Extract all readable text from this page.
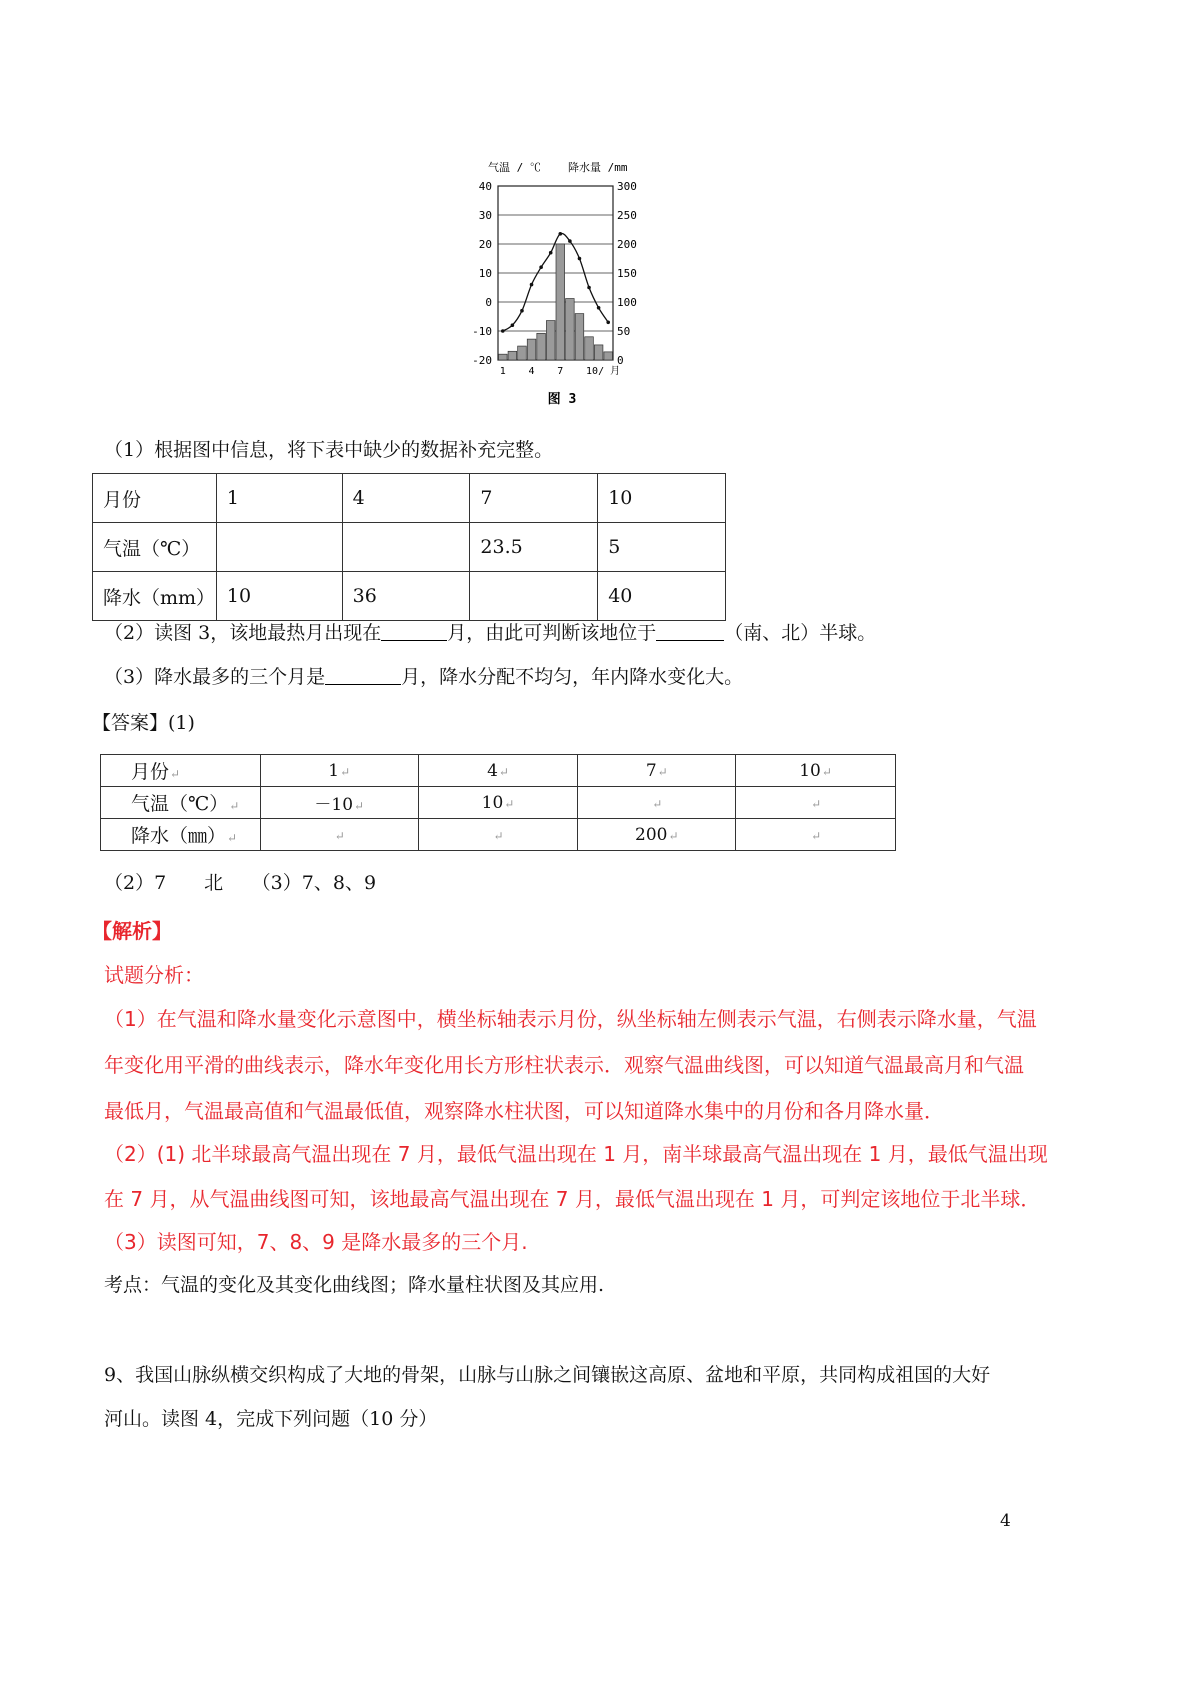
气温 / ℃ 降水量 /mm
40
30
20
10
0
-10
-20
300
250
200
150
100
50
0
1 4 7 10/ 月
图 3
（1）根据图中信息，将下表中缺少的数据补充完整。
月份	1	4	7	10
气温（℃）			23.5	5
降水（mm）	10	36		40
（2）读图 3，该地最热月出现在	月，由此可判断该地位于	（南、北）半球。
（3）降水最多的三个月是	月，降水分配不均匀，年内降水变化大。
【答案】(1)
月份↵	1↵	4↵	7↵	10↵
气温（℃）↵	－10↵	10↵	↵	↵
降水（㎜）↵	↵	↵	200↵	↵
（2）7　　北　　（3）7、8、9
【解析】
试题分析：
（1）在气温和降水量变化示意图中，横坐标轴表示月份，纵坐标轴左侧表示气温，右侧表示降水量，气温
年变化用平滑的曲线表示，降水年变化用长方形柱状表示．观察气温曲线图，可以知道气温最高月和气温
最低月，气温最高值和气温最低值，观察降水柱状图，可以知道降水集中的月份和各月降水量．
（2）(1) 北半球最高气温出现在 7 月，最低气温出现在 1 月，南半球最高气温出现在 1 月，最低气温出现
在 7 月，从气温曲线图可知，该地最高气温出现在 7 月，最低气温出现在 1 月，可判定该地位于北半球．
（3）读图可知，7、8、9 是降水最多的三个月.
考点：气温的变化及其变化曲线图；降水量柱状图及其应用.
9、我国山脉纵横交织构成了大地的骨架，山脉与山脉之间镶嵌这高原、盆地和平原，共同构成祖国的大好
河山。读图 4，完成下列问题（10 分）
4
